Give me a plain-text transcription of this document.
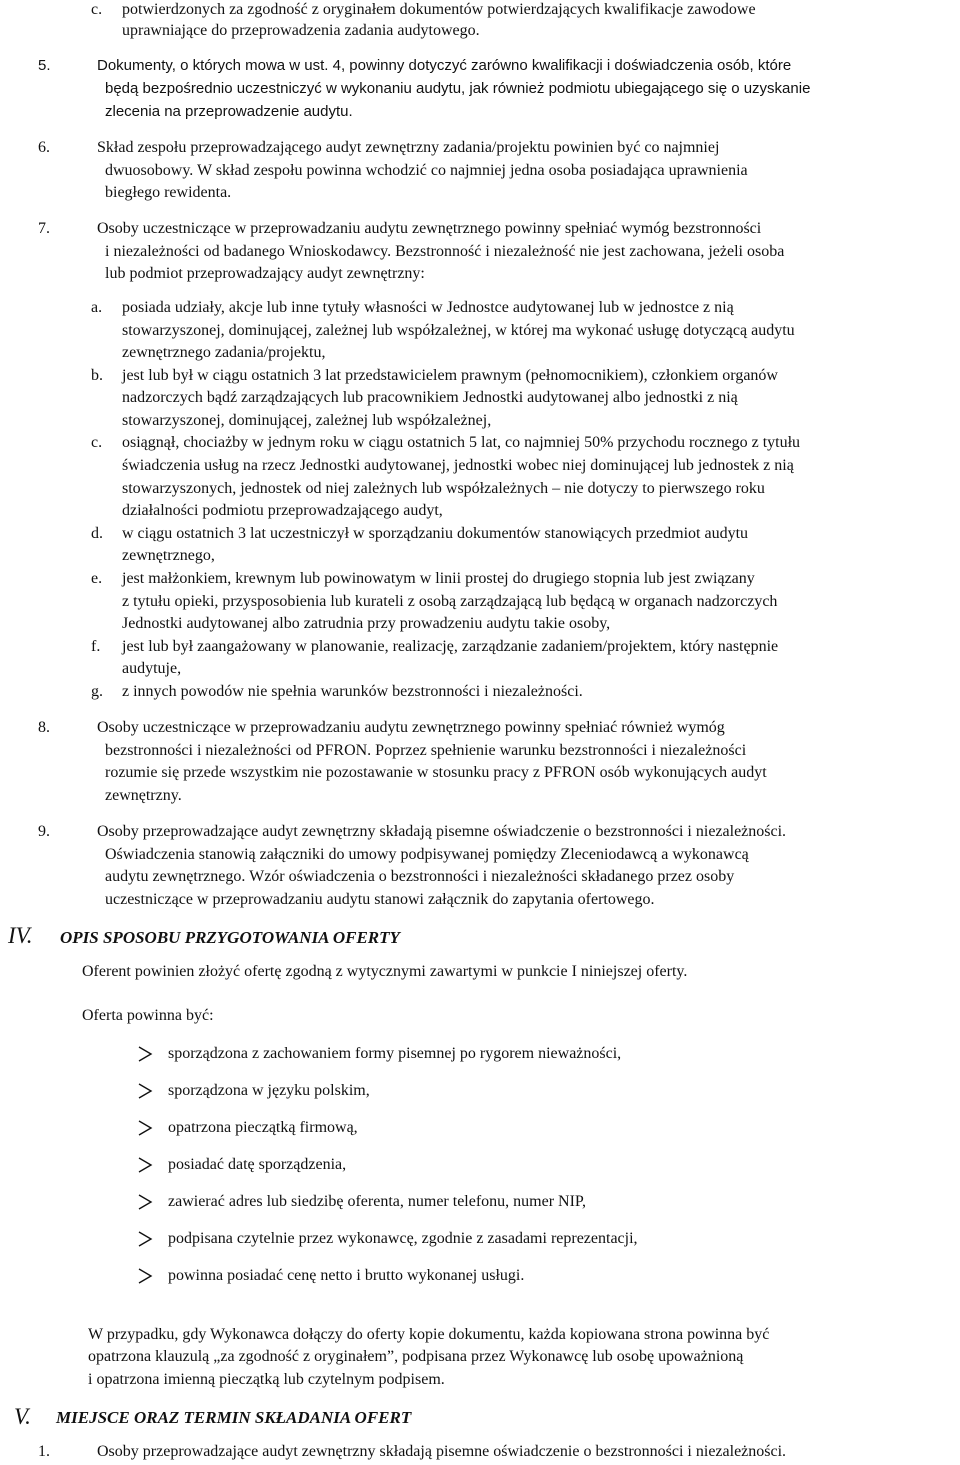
c. potwierdzonych za zgodność z oryginałem dokumentów potwierdzających kwalifikacje zawodowe
uprawniające do przeprowadzenia zadania audytowego.
5.	Dokumenty, o których mowa w ust. 4, powinny dotyczyć zarówno kwalifikacji i doświadczenia osób, które
będą bezpośrednio uczestniczyć w wykonaniu audytu, jak również podmiotu ubiegającego się o uzyskanie
zlecenia na przeprowadzenie audytu.
6.	Skład zespołu przeprowadzającego audyt zewnętrzny zadania/projektu powinien być co najmniej
dwuosobowy. W skład zespołu powinna wchodzić co najmniej jedna osoba posiadająca uprawnienia
biegłego rewidenta.
7.	Osoby uczestniczące w przeprowadzaniu audytu zewnętrznego powinny spełniać wymóg bezstronności
i niezależności od badanego Wnioskodawcy. Bezstronność i niezależność nie jest zachowana, jeżeli osoba
lub podmiot przeprowadzający audyt zewnętrzny:
a. posiada udziały, akcje lub inne tytuły własności w Jednostce audytowanej lub w jednostce z nią
stowarzyszonej, dominującej, zależnej lub współzależnej, w której ma wykonać usługę dotyczącą audytu
zewnętrznego zadania/projektu,
b. jest lub był w ciągu ostatnich 3 lat przedstawicielem prawnym (pełnomocnikiem), członkiem organów
nadzorczych bądź zarządzających lub pracownikiem Jednostki audytowanej albo jednostki z nią
stowarzyszonej, dominującej, zależnej lub współzależnej,
c. osiągnął, chociażby w jednym roku w ciągu ostatnich 5 lat, co najmniej 50% przychodu rocznego z tytułu
świadczenia usług na rzecz Jednostki audytowanej, jednostki wobec niej dominującej lub jednostek z nią
stowarzyszonych, jednostek od niej zależnych lub współzależnych – nie dotyczy to pierwszego roku
działalności podmiotu przeprowadzającego audyt,
d. w ciągu ostatnich 3 lat uczestniczył w sporządzaniu dokumentów stanowiących przedmiot audytu
zewnętrznego,
e. jest małżonkiem, krewnym lub powinowatym w linii prostej do drugiego stopnia lub jest związany
z tytułu opieki, przysposobienia lub kurateli z osobą zarządzającą lub będącą w organach nadzorczych
Jednostki audytowanej albo zatrudnia przy prowadzeniu audytu takie osoby,
f. jest lub był zaangażowany w planowanie, realizację, zarządzanie zadaniem/projektem, który następnie
audytuje,
g. z innych powodów nie spełnia warunków bezstronności i niezależności.
8.	Osoby uczestniczące w przeprowadzaniu audytu zewnętrznego powinny spełniać również wymóg
bezstronności i niezależności od PFRON. Poprzez spełnienie warunku bezstronności i niezależności
rozumie się przede wszystkim nie pozostawanie w stosunku pracy z PFRON osób wykonujących audyt
zewnętrzny.
9.	Osoby przeprowadzające audyt zewnętrzny składają pisemne oświadczenie o bezstronności i niezależności.
Oświadczenia stanowią załączniki do umowy podpisywanej pomiędzy Zleceniodawcą a wykonawcą
audytu zewnętrznego. Wzór oświadczenia o bezstronności i niezależności składanego przez osoby
uczestniczące w przeprowadzaniu audytu stanowi załącznik do zapytania ofertowego.
IV. OPIS SPOSOBU PRZYGOTOWANIA OFERTY
Oferent powinien złożyć ofertę zgodną z wytycznymi zawartymi w punkcie I niniejszej oferty.
Oferta powinna być:
sporządzona z zachowaniem formy pisemnej po rygorem nieważności,
sporządzona w języku polskim,
opatrzona pieczątką firmową,
posiadać datę sporządzenia,
zawierać adres lub siedzibę oferenta, numer telefonu, numer NIP,
podpisana czytelnie przez wykonawcę, zgodnie z zasadami reprezentacji,
powinna posiadać cenę netto i brutto wykonanej usługi.
W przypadku, gdy Wykonawca dołączy do oferty kopie dokumentu, każda kopiowana strona powinna być
opatrzona klauzulą „za zgodność z oryginałem”, podpisana przez Wykonawcę lub osobę upoważnioną
i opatrzona imienną pieczątką lub czytelnym podpisem.
V. MIEJSCE ORAZ TERMIN SKŁADANIA OFERT
1.	Osoby przeprowadzające audyt zewnętrzny składają pisemne oświadczenie o bezstronności i niezależności.
